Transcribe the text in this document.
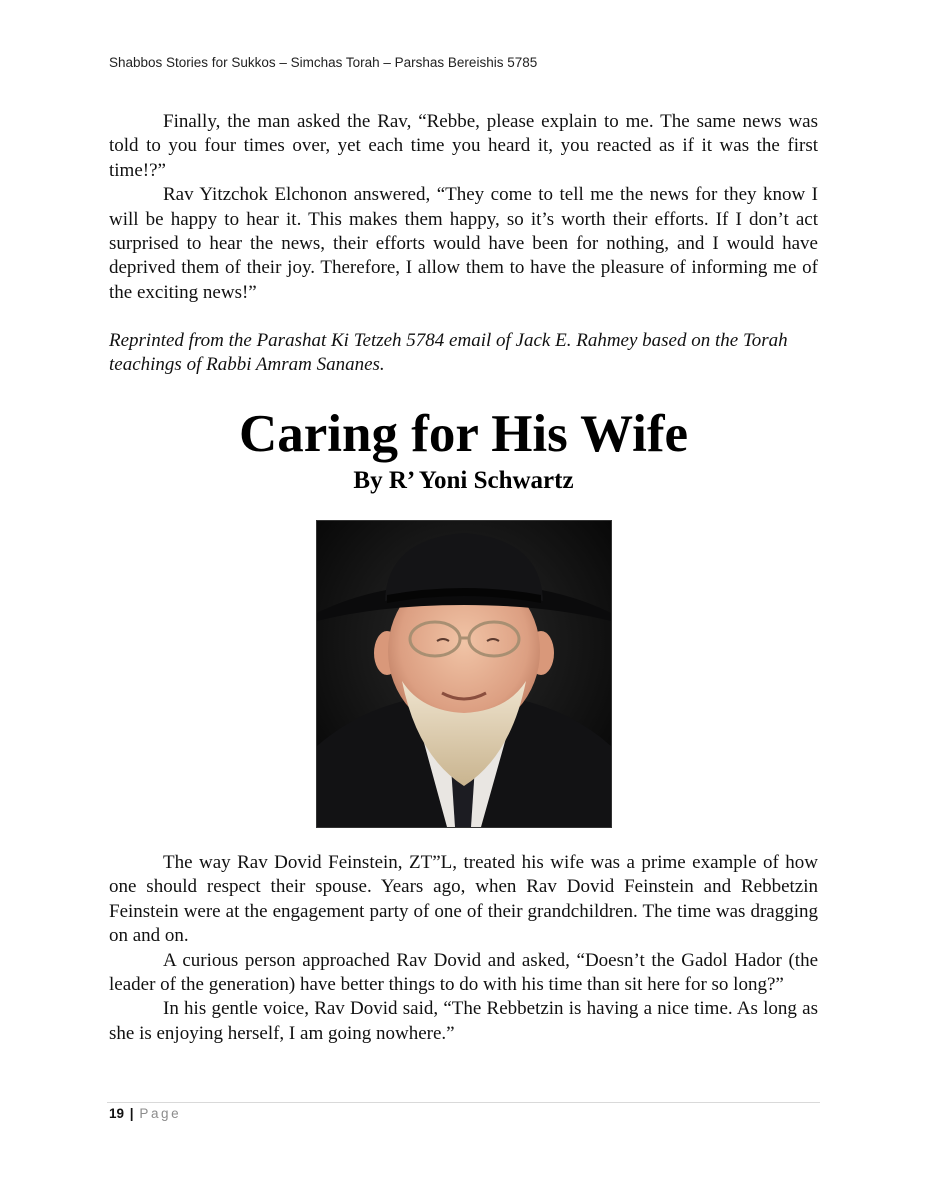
Shabbos Stories for Sukkos – Simchas Torah – Parshas Bereishis 5785

Finally, the man asked the Rav, “Rebbe, please explain to me. The same news was told to you four times over, yet each time you heard it, you reacted as if it was the first time!?”

Rav Yitzchok Elchonon answered, “They come to tell me the news for they know I will be happy to hear it. This makes them happy, so it’s worth their efforts. If I don’t act surprised to hear the news, their efforts would have been for nothing, and I would have deprived them of their joy. Therefore, I allow them to have the pleasure of informing me of the exciting news!”

Reprinted from the Parashat Ki Tetzeh 5784 email of Jack E. Rahmey based on the Torah teachings of Rabbi Amram Sananes.
Caring for His Wife
By R’ Yoni Schwartz

The way Rav Dovid Feinstein, ZT”L, treated his wife was a prime example of how one should respect their spouse. Years ago, when Rav Dovid Feinstein and Rebbetzin Feinstein were at the engagement party of one of their grandchildren. The time was dragging on and on.

A curious person approached Rav Dovid and asked, “Doesn’t the Gadol Hador (the leader of the generation) have better things to do with his time than sit here for so long?”

In his gentle voice, Rav Dovid said, “The Rebbetzin is having a nice time. As long as she is enjoying herself, I am going nowhere.”

19 | Page
